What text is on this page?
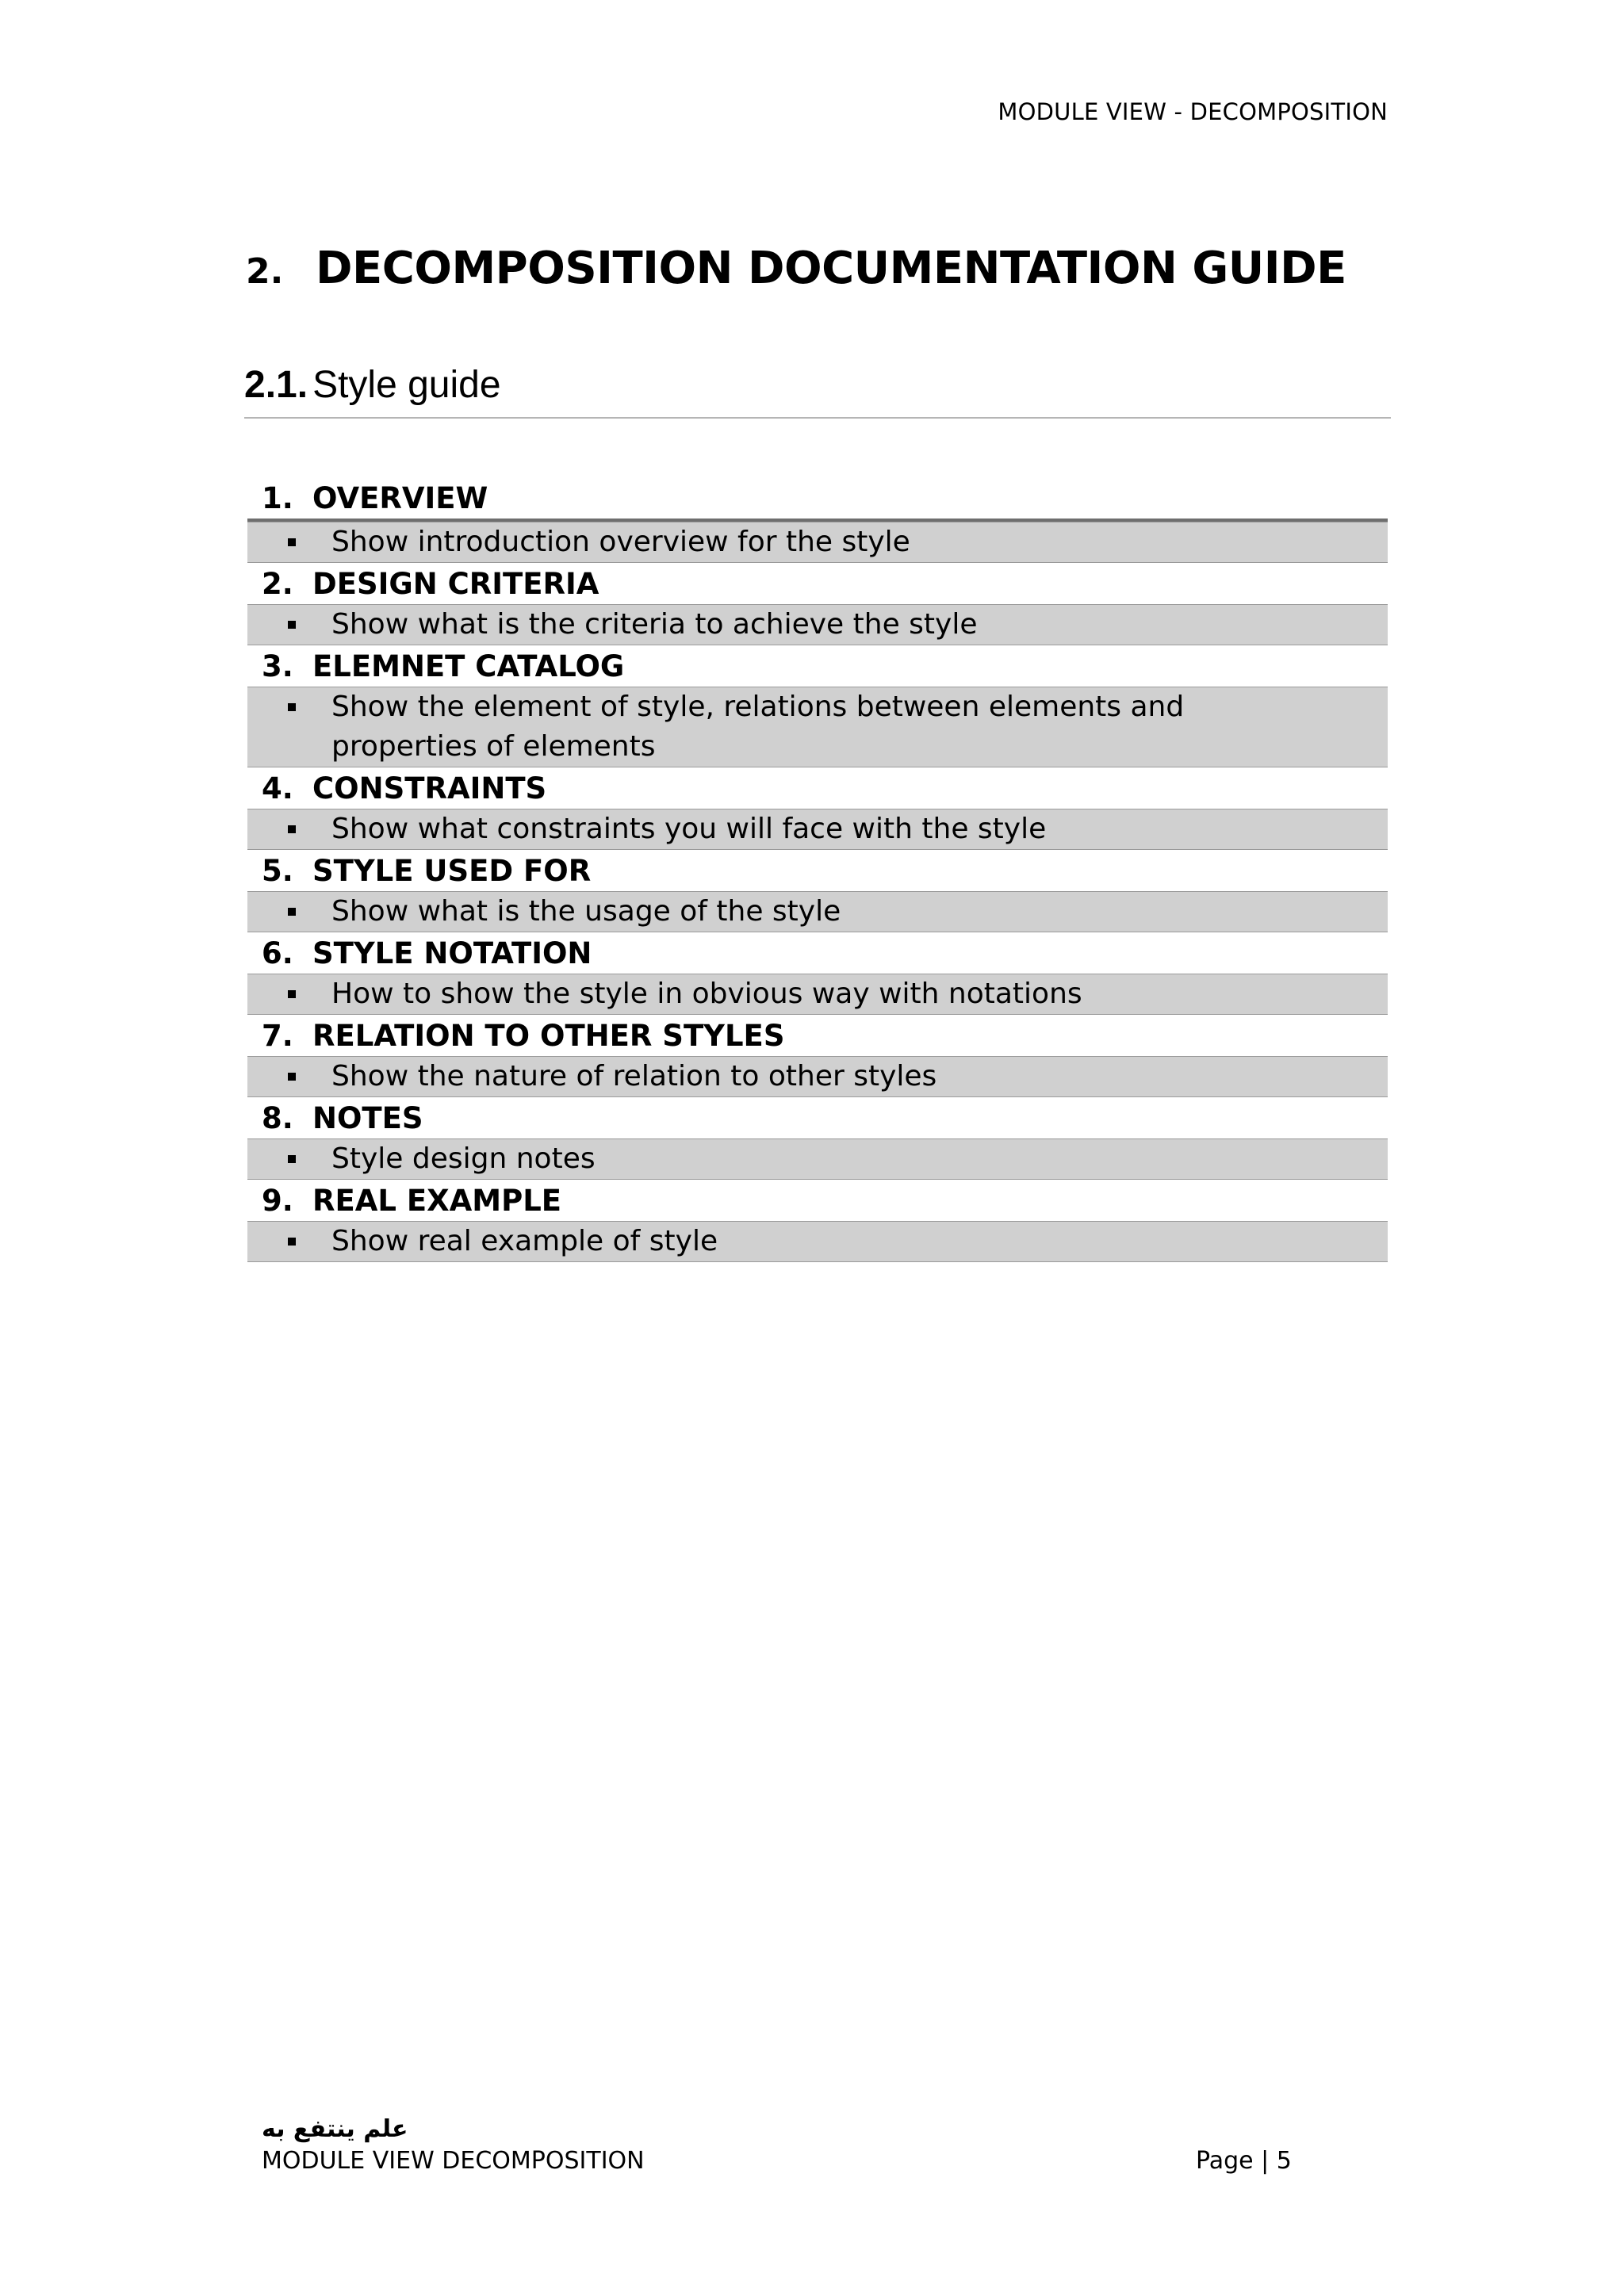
MODULE VIEW - DECOMPOSITION
2. DECOMPOSITION DOCUMENTATION GUIDE
2.1. Style guide
1. OVERVIEW
Show introduction overview for the style
2. DESIGN CRITERIA
Show what is the criteria to achieve the style
3. ELEMNET CATALOG
Show the element of style, relations between elements and properties of elements
4. CONSTRAINTS
Show what constraints you will face with the style
5. STYLE USED FOR
Show what is the usage of the style
6. STYLE NOTATION
How to show the style in obvious way with notations
7. RELATION TO OTHER STYLES
Show the nature of relation to other styles
8. NOTES
Style design notes
9. REAL EXAMPLE
Show real example of style
علم ينتفع به
MODULE VIEW DECOMPOSITION	Page | 5
